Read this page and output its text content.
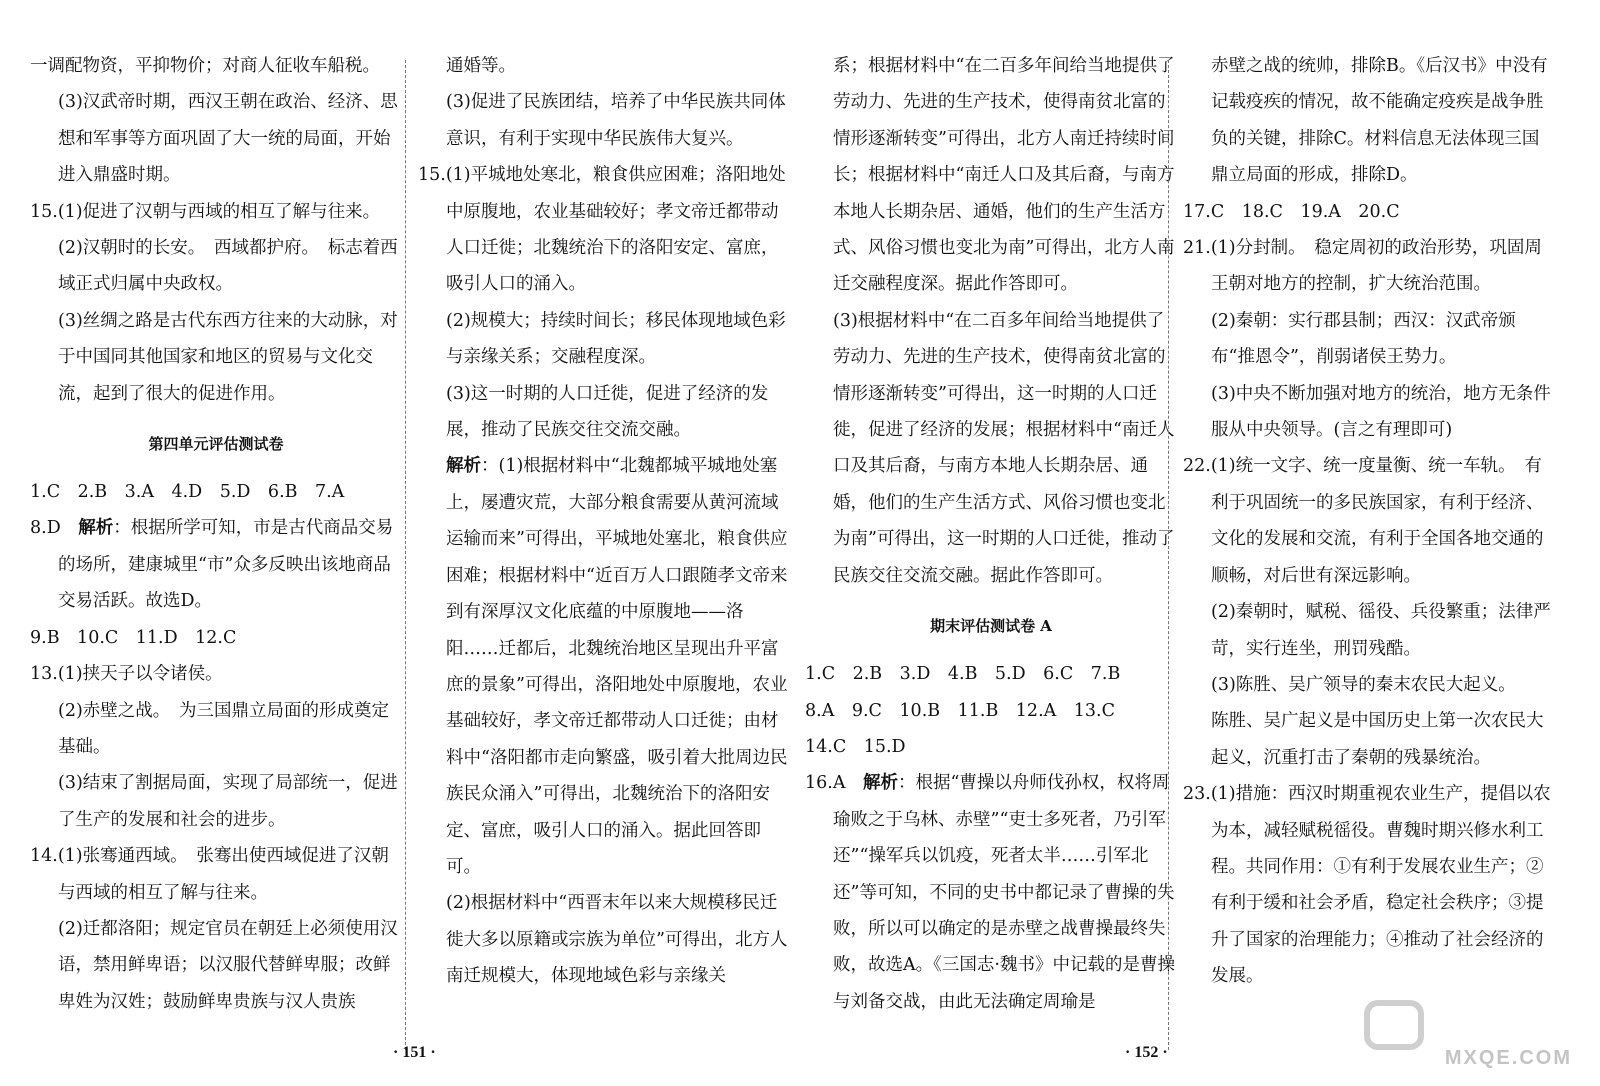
一调配物资，平抑物价；对商人征收车船税。

(3)汉武帝时期，西汉王朝在政治、经济、思想和军事等方面巩固了大一统的局面，开始进入鼎盛时期。

15.(1)促进了汉朝与西域的相互了解与往来。

(2)汉朝时的长安。　西域都护府。　标志着西域正式归属中央政权。

(3)丝绸之路是古代东西方往来的大动脉，对于中国同其他国家和地区的贸易与文化交流，起到了很大的促进作用。

第四单元评估测试卷

1.C　2.B　3.A　4.D　5.D　6.B　7.A

8.D　解析：根据所学可知，市是古代商品交易的场所，建康城里“市”众多反映出该地商品交易活跃。故选D。

9.B　10.C　11.D　12.C

13.(1)挟天子以令诸侯。

(2)赤壁之战。　为三国鼎立局面的形成奠定基础。

(3)结束了割据局面，实现了局部统一，促进了生产的发展和社会的进步。

14.(1)张骞通西域。　张骞出使西域促进了汉朝与西域的相互了解与往来。

(2)迁都洛阳；规定官员在朝廷上必须使用汉语，禁用鲜卑语；以汉服代替鲜卑服；改鲜卑姓为汉姓；鼓励鲜卑贵族与汉人贵族

通婚等。

(3)促进了民族团结，培养了中华民族共同体意识，有利于实现中华民族伟大复兴。

15.(1)平城地处寒北，粮食供应困难；洛阳地处中原腹地，农业基础较好；孝文帝迁都带动人口迁徙；北魏统治下的洛阳安定、富庶，吸引人口的涌入。

(2)规模大；持续时间长；移民体现地域色彩与亲缘关系；交融程度深。

(3)这一时期的人口迁徙，促进了经济的发展，推动了民族交往交流交融。

解析：(1)根据材料中“北魏都城平城地处塞上，屡遭灾荒，大部分粮食需要从黄河流域运输而来”可得出，平城地处塞北，粮食供应困难；根据材料中“近百万人口跟随孝文帝来到有深厚汉文化底蕴的中原腹地——洛阳……迁都后，北魏统治地区呈现出升平富庶的景象”可得出，洛阳地处中原腹地，农业基础较好，孝文帝迁都带动人口迁徙；由材料中“洛阳都市走向繁盛，吸引着大批周边民族民众涌入”可得出，北魏统治下的洛阳安定、富庶，吸引人口的涌入。据此回答即可。

(2)根据材料中“西晋末年以来大规模移民迁徙大多以原籍或宗族为单位”可得出，北方人南迁规模大，体现地域色彩与亲缘关

系；根据材料中“在二百多年间给当地提供了劳动力、先进的生产技术，使得南贫北富的情形逐渐转变”可得出，北方人南迁持续时间长；根据材料中“南迁人口及其后裔，与南方本地人长期杂居、通婚，他们的生产生活方式、风俗习惯也变北为南”可得出，北方人南迁交融程度深。据此作答即可。

(3)根据材料中“在二百多年间给当地提供了劳动力、先进的生产技术，使得南贫北富的情形逐渐转变”可得出，这一时期的人口迁徙，促进了经济的发展；根据材料中“南迁人口及其后裔，与南方本地人长期杂居、通婚，他们的生产生活方式、风俗习惯也变北为南”可得出，这一时期的人口迁徙，推动了民族交往交流交融。据此作答即可。

期末评估测试卷 A

1.C　2.B　3.D　4.B　5.D　6.C　7.B

8.A　9.C　10.B　11.B　12.A　13.C

14.C　15.D

16.A　解析：根据“曹操以舟师伐孙权，权将周瑜败之于乌林、赤壁”“吏士多死者，乃引军还”“操军兵以饥疫，死者太半……引军北还”等可知，不同的史书中都记录了曹操的失败，所以可以确定的是赤壁之战曹操最终失败，故选A。《三国志·魏书》中记载的是曹操与刘备交战，由此无法确定周瑜是

赤壁之战的统帅，排除B。《后汉书》中没有记载疫疾的情况，故不能确定疫疾是战争胜负的关键，排除C。材料信息无法体现三国鼎立局面的形成，排除D。

17.C　18.C　19.A　20.C

21.(1)分封制。　稳定周初的政治形势，巩固周王朝对地方的控制，扩大统治范围。

(2)秦朝：实行郡县制；西汉：汉武帝颁布“推恩令”，削弱诸侯王势力。

(3)中央不断加强对地方的统治，地方无条件服从中央领导。(言之有理即可)

22.(1)统一文字、统一度量衡、统一车轨。　有利于巩固统一的多民族国家，有利于经济、文化的发展和交流，有利于全国各地交通的顺畅，对后世有深远影响。

(2)秦朝时，赋税、徭役、兵役繁重；法律严苛，实行连坐，刑罚残酷。

(3)陈胜、吴广领导的秦末农民大起义。

陈胜、吴广起义是中国历史上第一次农民大起义，沉重打击了秦朝的残暴统治。

23.(1)措施：西汉时期重视农业生产，提倡以农为本，减轻赋税徭役。曹魏时期兴修水利工程。共同作用：①有利于发展农业生产；②有利于缓和社会矛盾，稳定社会秩序；③提升了国家的治理能力；④推动了社会经济的发展。

· 151 ·	· 152 ·	MXQE.COM
